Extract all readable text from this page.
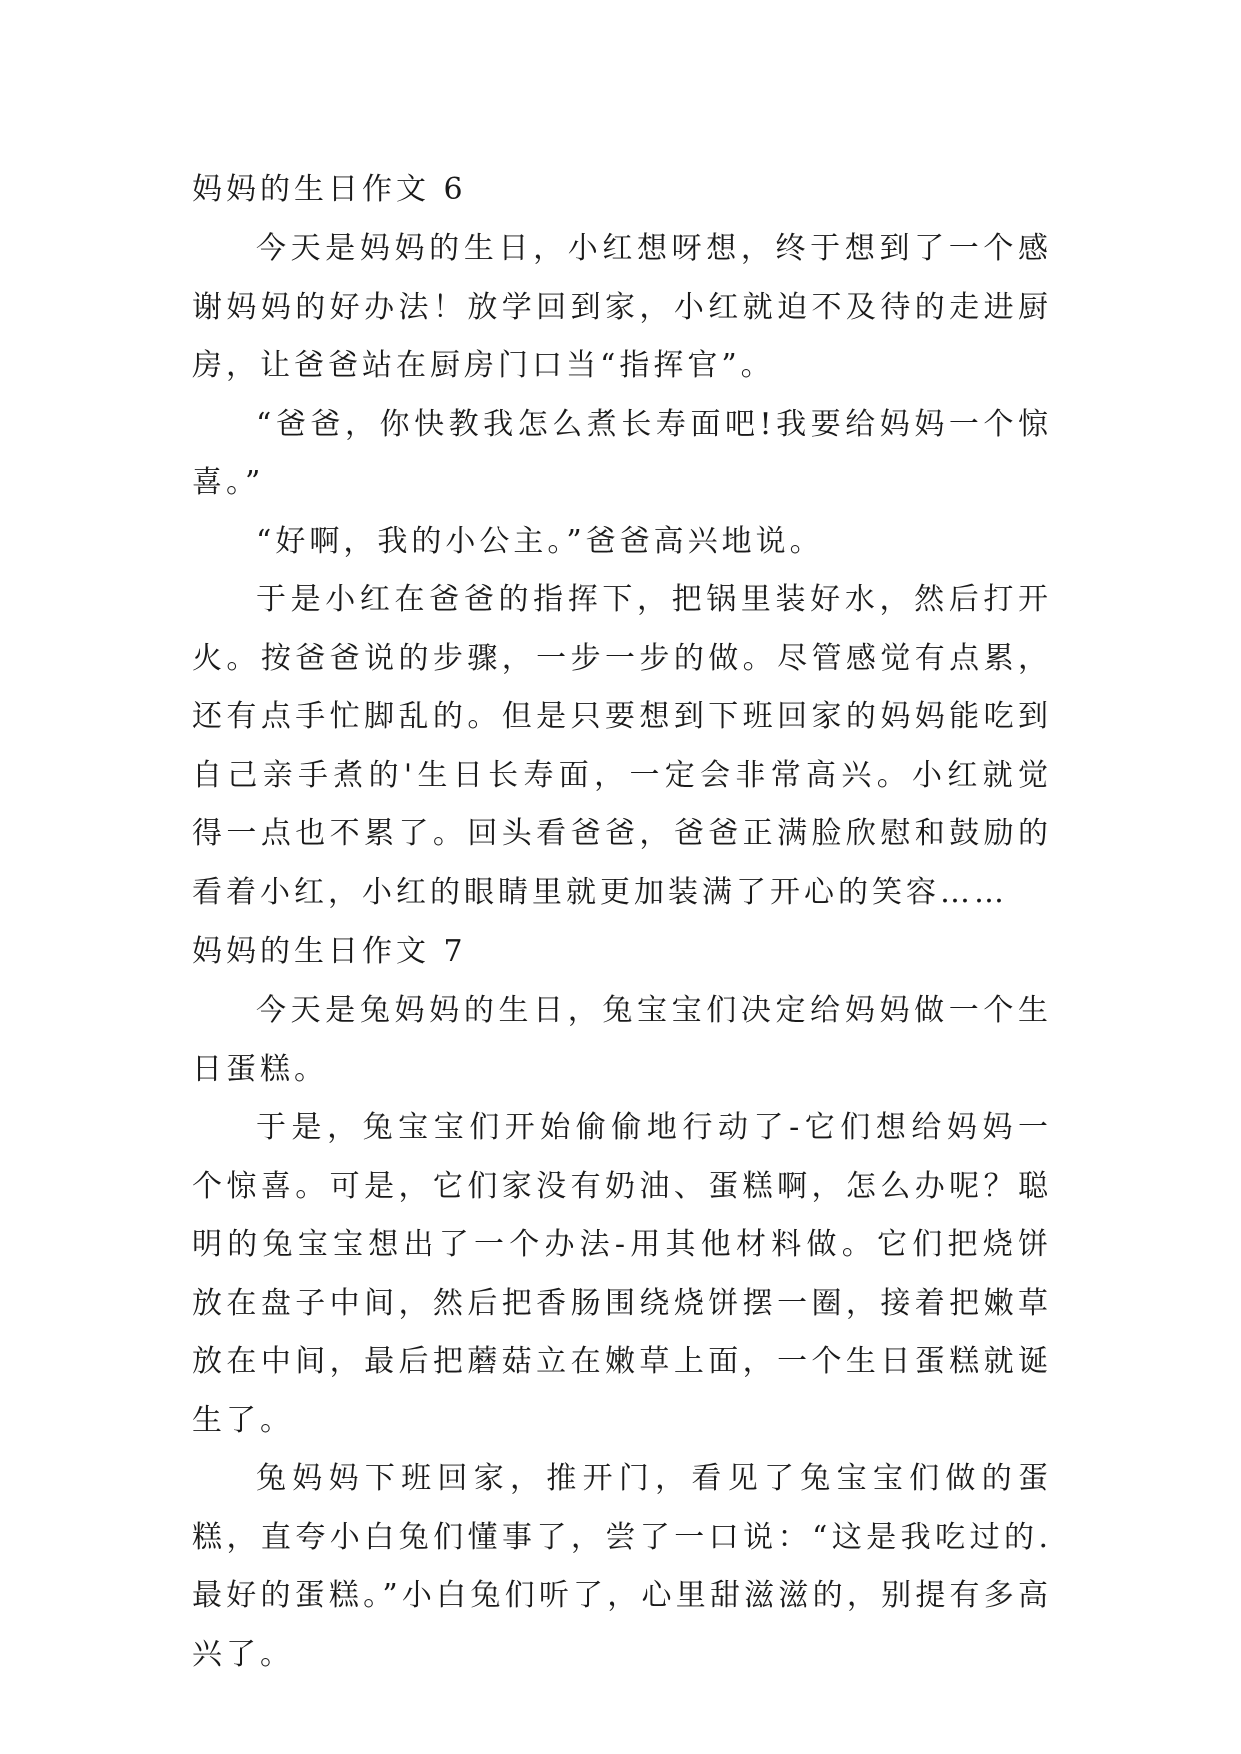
妈妈的生日作文 6

今天是妈妈的生日，小红想呀想，终于想到了一个感谢妈妈的好办法！放学回到家，小红就迫不及待的走进厨房，让爸爸站在厨房门口当“指挥官”。

“爸爸，你快教我怎么煮长寿面吧!我要给妈妈一个惊喜。”

“好啊，我的小公主。”爸爸高兴地说。

于是小红在爸爸的指挥下，把锅里装好水，然后打开火。按爸爸说的步骤，一步一步的做。尽管感觉有点累，还有点手忙脚乱的。但是只要想到下班回家的妈妈能吃到自己亲手煮的'生日长寿面，一定会非常高兴。小红就觉得一点也不累了。回头看爸爸，爸爸正满脸欣慰和鼓励的看着小红，小红的眼睛里就更加装满了开心的笑容……

妈妈的生日作文 7

今天是兔妈妈的生日，兔宝宝们决定给妈妈做一个生日蛋糕。

于是，兔宝宝们开始偷偷地行动了-它们想给妈妈一个惊喜。可是，它们家没有奶油、蛋糕啊，怎么办呢？聪明的兔宝宝想出了一个办法-用其他材料做。它们把烧饼放在盘子中间，然后把香肠围绕烧饼摆一圈，接着把嫩草放在中间，最后把蘑菇立在嫩草上面，一个生日蛋糕就诞生了。

兔妈妈下班回家，推开门，看见了兔宝宝们做的蛋糕，直夸小白兔们懂事了，尝了一口说：“这是我吃过的.最好的蛋糕。”小白兔们听了，心里甜滋滋的，别提有多高兴了。
